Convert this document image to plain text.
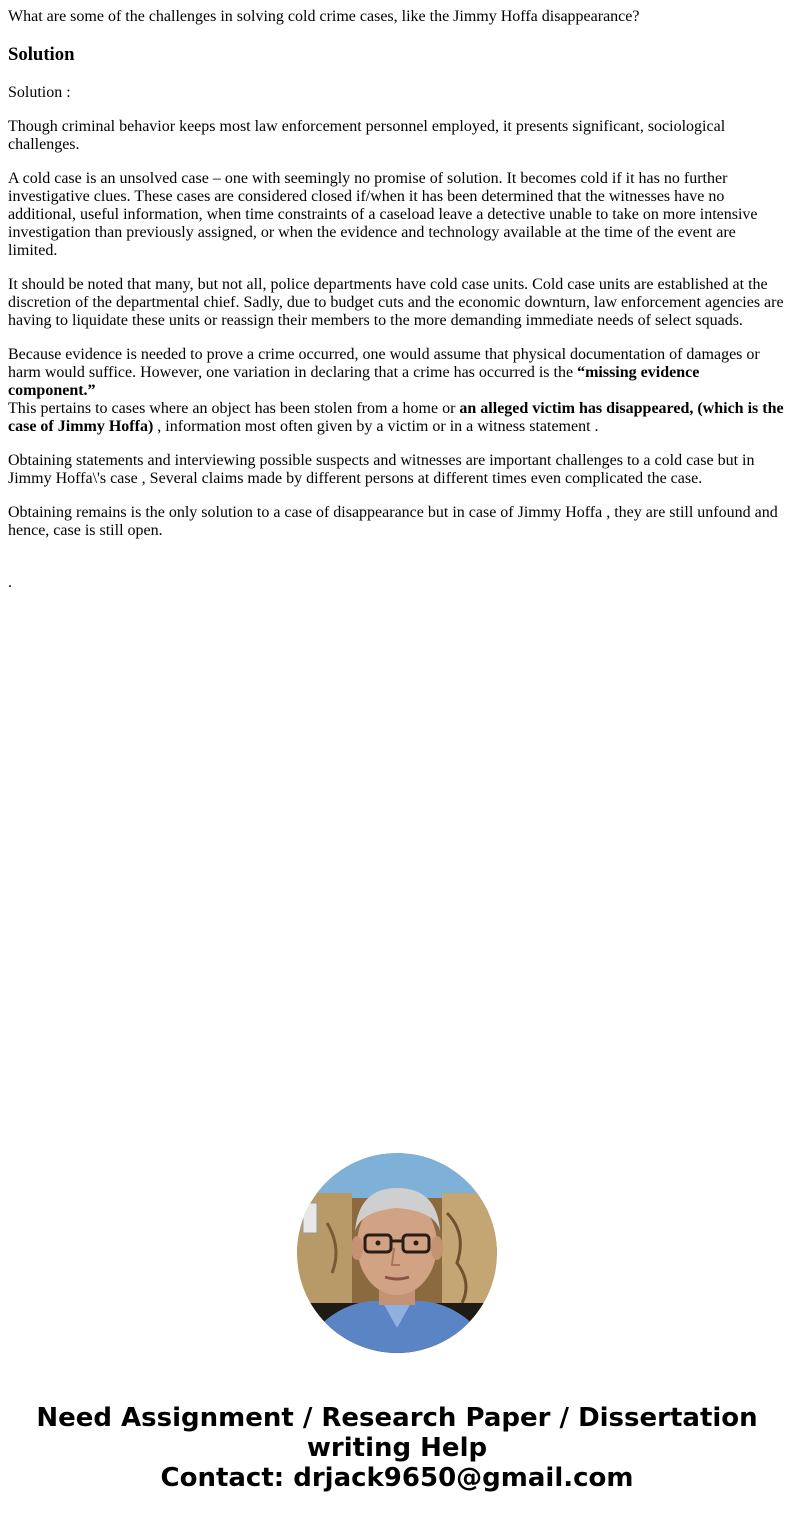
What are some of the challenges in solving cold crime cases, like the Jimmy Hoffa disappearance?
Solution

Solution :

Though criminal behavior keeps most law enforcement personnel employed, it presents significant, sociological challenges.

A cold case is an unsolved case – one with seemingly no promise of solution. It becomes cold if it has no further investigative clues. These cases are considered closed if/when it has been determined that the witnesses have no additional, useful information, when time constraints of a caseload leave a detective unable to take on more intensive investigation than previously assigned, or when the evidence and technology available at the time of the event are limited.

It should be noted that many, but not all, police departments have cold case units. Cold case units are established at the discretion of the departmental chief. Sadly, due to budget cuts and the economic downturn, law enforcement agencies are having to liquidate these units or reassign their members to the more demanding immediate needs of select squads.

Because evidence is needed to prove a crime occurred, one would assume that physical documentation of damages or harm would suffice. However, one variation in declaring that a crime has occurred is the “missing evidence component.”
This pertains to cases where an object has been stolen from a home or an alleged victim has disappeared, (which is the case of Jimmy Hoffa) , information most often given by a victim or in a witness statement .

Obtaining statements and interviewing possible suspects and witnesses are important challenges to a cold case but in Jimmy Hoffa\'s case , Several claims made by different persons at different times even complicated the case.

Obtaining remains is the only solution to a case of disappearance but in case of Jimmy Hoffa , they are still unfound and hence, case is still open.

.

Need Assignment / Research Paper / Dissertation
writing Help
Contact: drjack9650@gmail.com
